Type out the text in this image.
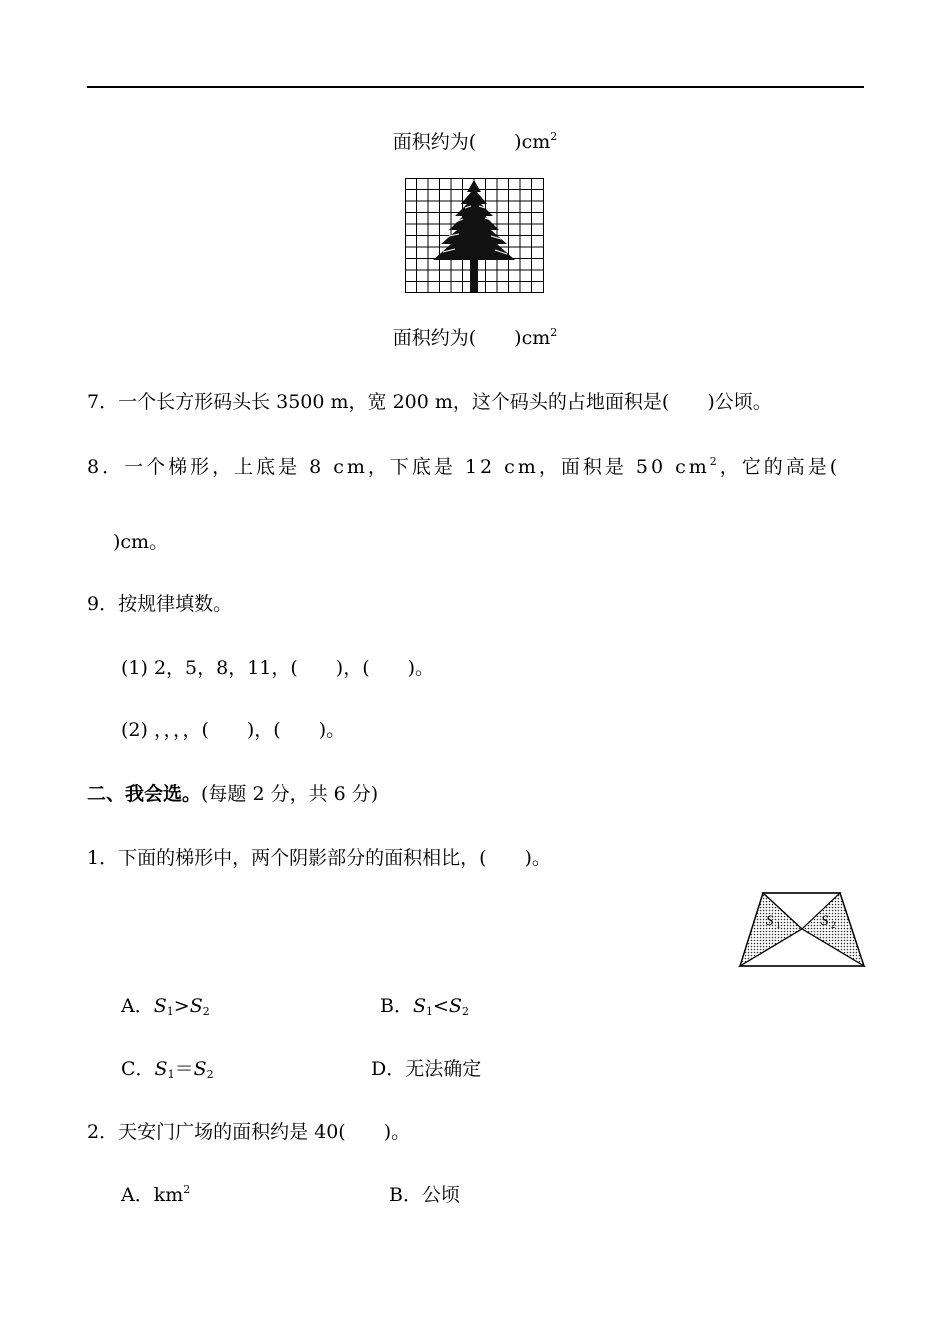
面积约为(　　 )$cm^2$
面积约为(　　 )$cm^2$
7．一个长方形码头长 3500 m，宽 200 m，这个码头的占地面积是(　　)公顷。
8．一个梯形，上底是 8 cm，下底是 12 cm，面积是 50 $cm^2$，它的高是(
)cm。
9．按规律填数。
(1) 2，5，8，11，(　　)，(　　)。
(2) ，，，，(　　)，(　　)。
二、我会选。(每题 2 分，共 6 分)
1．下面的梯形中，两个阴影部分的面积相比，(　　)。
S 1	S 2
A．$S_1>S_2$	B．$S_1<S_2$
C．$S_1=S_2$	D．无法确定
2．天安门广场的面积约是 40(　　)。
A．$km^2$	B．公顷
